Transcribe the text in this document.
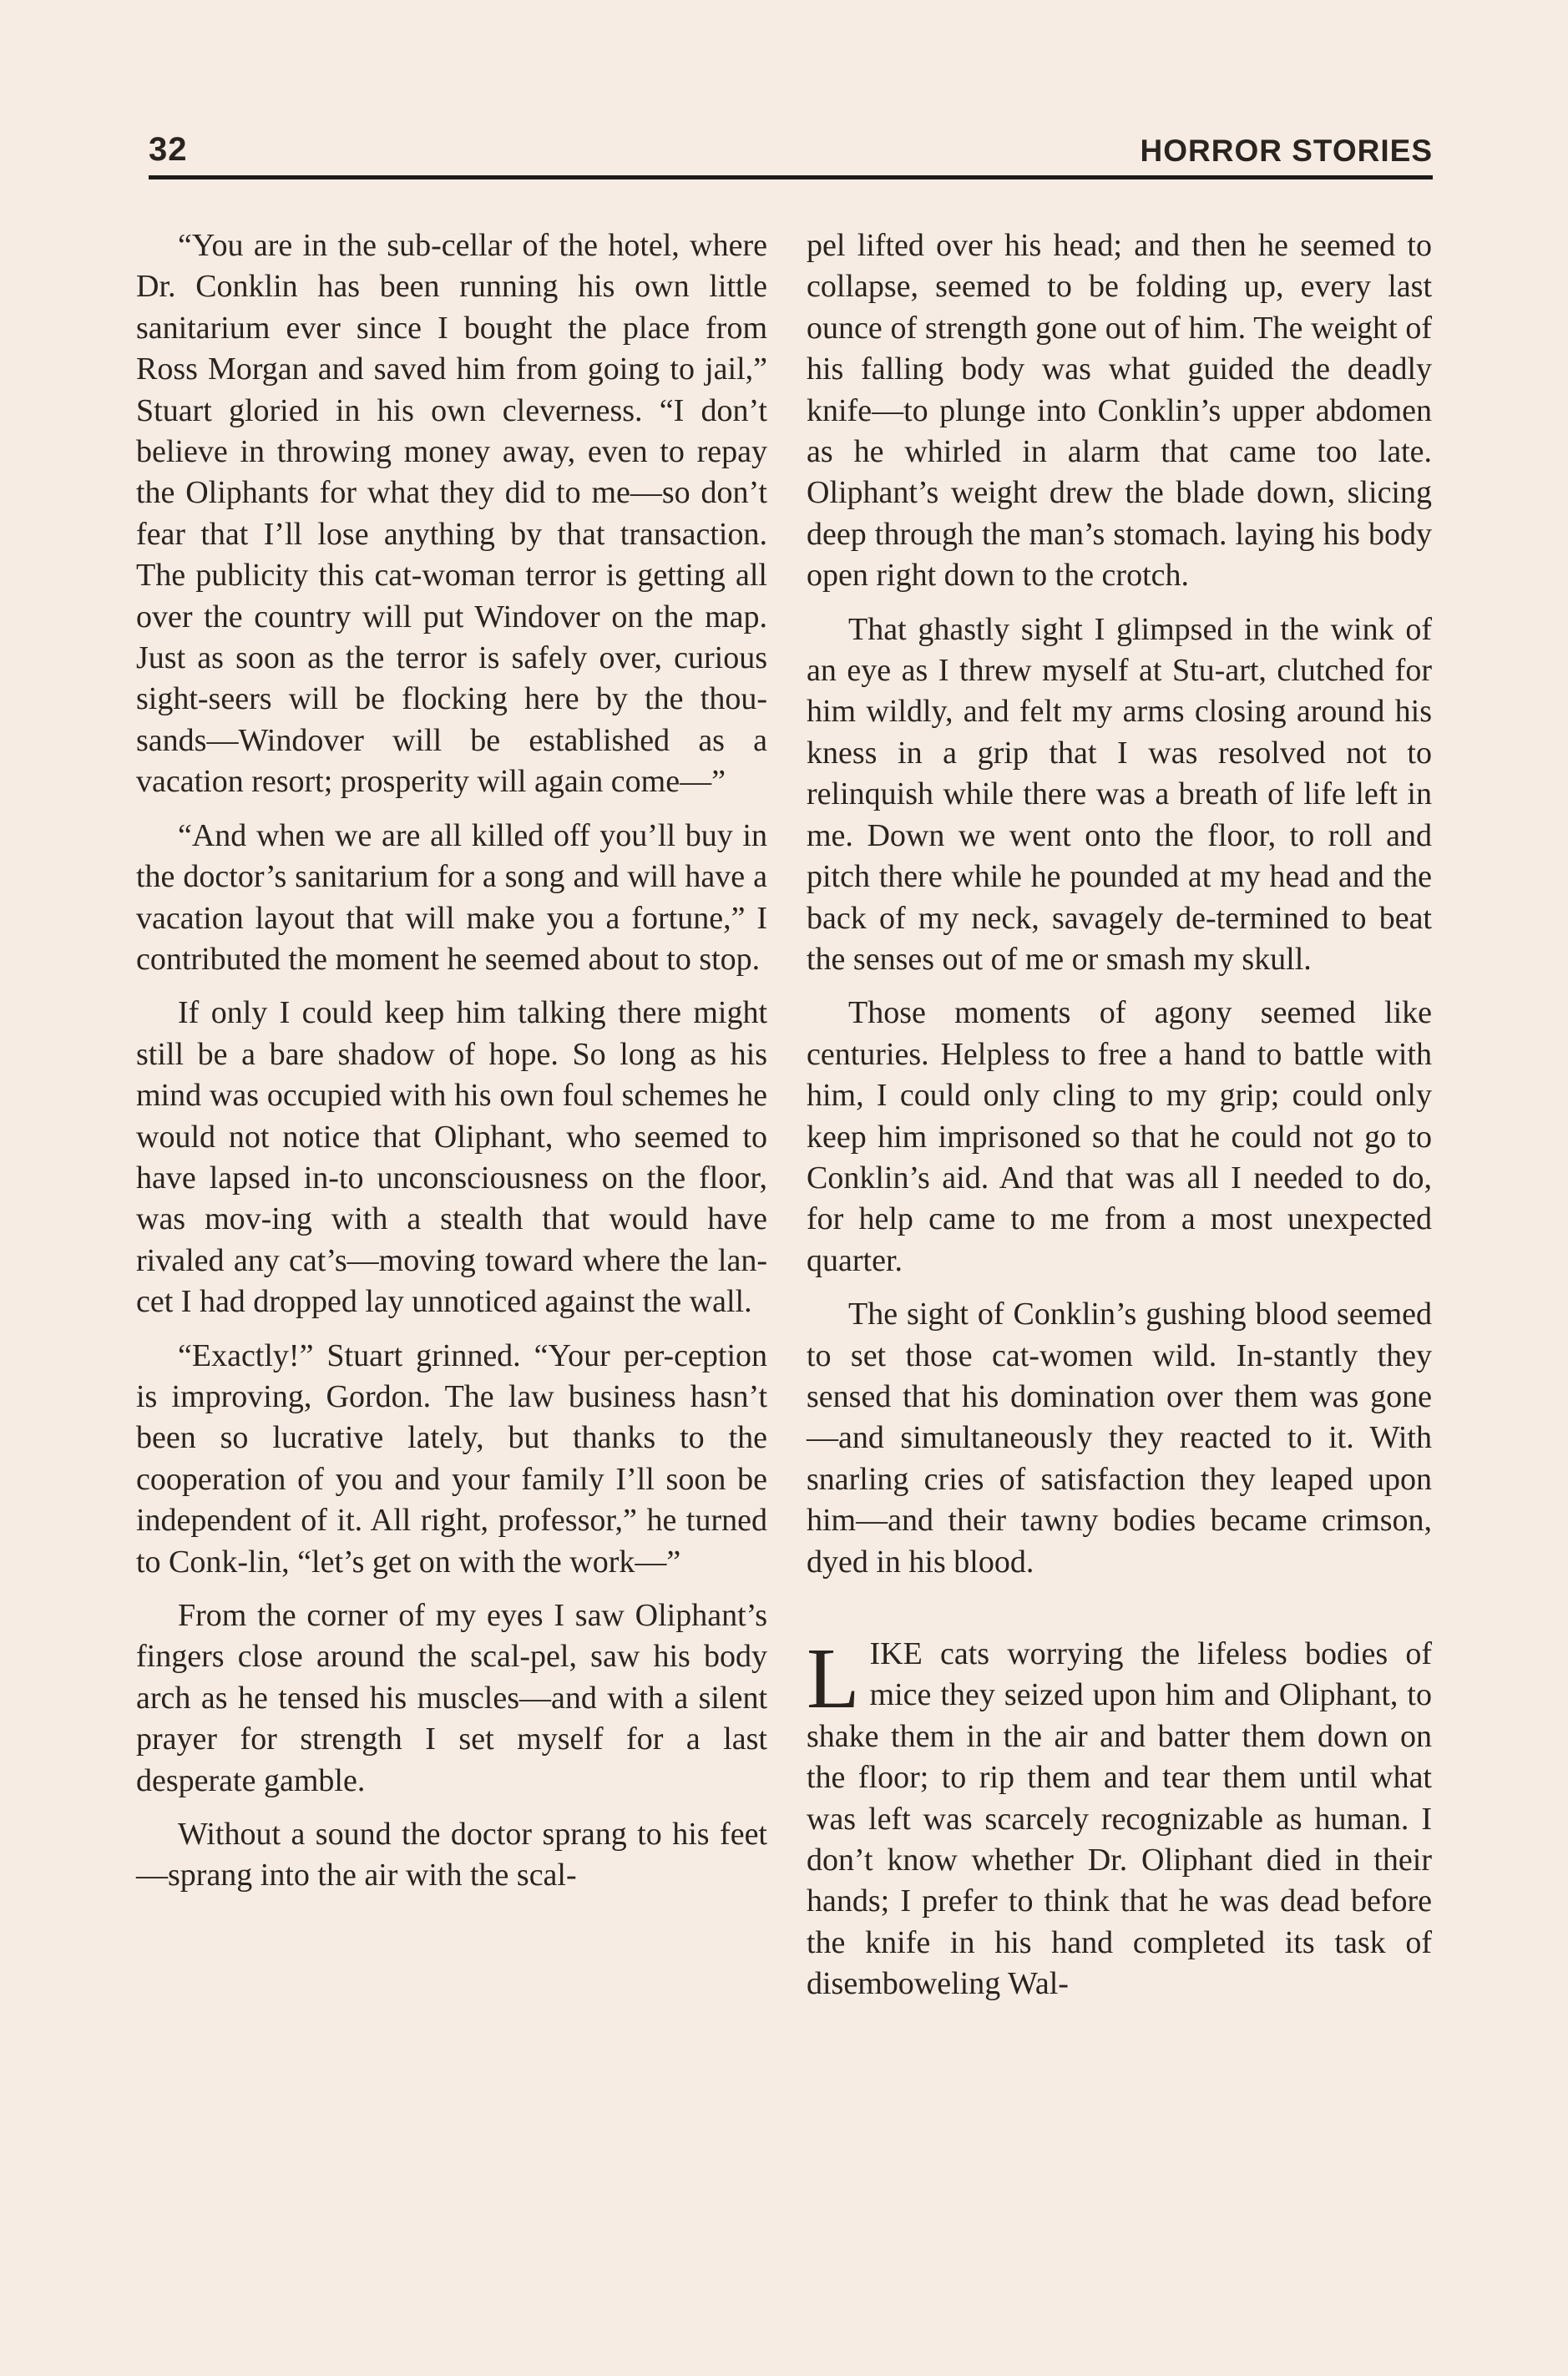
32	HORROR STORIES

“You are in the sub-cellar of the hotel, where Dr. Conklin has been running his own little sanitarium ever since I bought the place from Ross Morgan and saved him from going to jail,” Stuart gloried in his own cleverness. “I don’t believe in throwing money away, even to repay the Oliphants for what they did to me—so don’t fear that I’ll lose anything by that transaction. The publicity this cat-woman terror is getting all over the country will put Windover on the map. Just as soon as the terror is safely over, curious sight-seers will be flocking here by the thou-sands—Windover will be established as a vacation resort; prosperity will again come—”

“And when we are all killed off you’ll buy in the doctor’s sanitarium for a song and will have a vacation layout that will make you a fortune,” I contributed the moment he seemed about to stop.

If only I could keep him talking there might still be a bare shadow of hope. So long as his mind was occupied with his own foul schemes he would not notice that Oliphant, who seemed to have lapsed in-to unconsciousness on the floor, was mov-ing with a stealth that would have rivaled any cat’s—moving toward where the lan-cet I had dropped lay unnoticed against the wall.

“Exactly!” Stuart grinned. “Your per-ception is improving, Gordon. The law business hasn’t been so lucrative lately, but thanks to the cooperation of you and your family I’ll soon be independent of it. All right, professor,” he turned to Conk-lin, “let’s get on with the work—”

From the corner of my eyes I saw Oliphant’s fingers close around the scal-pel, saw his body arch as he tensed his muscles—and with a silent prayer for strength I set myself for a last desperate gamble.

Without a sound the doctor sprang to his feet—sprang into the air with the scal-

pel lifted over his head; and then he seemed to collapse, seemed to be folding up, every last ounce of strength gone out of him. The weight of his falling body was what guided the deadly knife—to plunge into Conklin’s upper abdomen as he whirled in alarm that came too late. Oliphant’s weight drew the blade down, slicing deep through the man’s stomach. laying his body open right down to the crotch.

That ghastly sight I glimpsed in the wink of an eye as I threw myself at Stu-art, clutched for him wildly, and felt my arms closing around his kness in a grip that I was resolved not to relinquish while there was a breath of life left in me. Down we went onto the floor, to roll and pitch there while he pounded at my head and the back of my neck, savagely de-termined to beat the senses out of me or smash my skull.

Those moments of agony seemed like centuries. Helpless to free a hand to battle with him, I could only cling to my grip; could only keep him imprisoned so that he could not go to Conklin’s aid. And that was all I needed to do, for help came to me from a most unexpected quarter.

The sight of Conklin’s gushing blood seemed to set those cat-women wild. In-stantly they sensed that his domination over them was gone—and simultaneously they reacted to it. With snarling cries of satisfaction they leaped upon him—and their tawny bodies became crimson, dyed in his blood.

LIKE cats worrying the lifeless bodies of mice they seized upon him and Oliphant, to shake them in the air and batter them down on the floor; to rip them and tear them until what was left was scarcely recognizable as human. I don’t know whether Dr. Oliphant died in their hands; I prefer to think that he was dead before the knife in his hand completed its task of disemboweling Wal-
